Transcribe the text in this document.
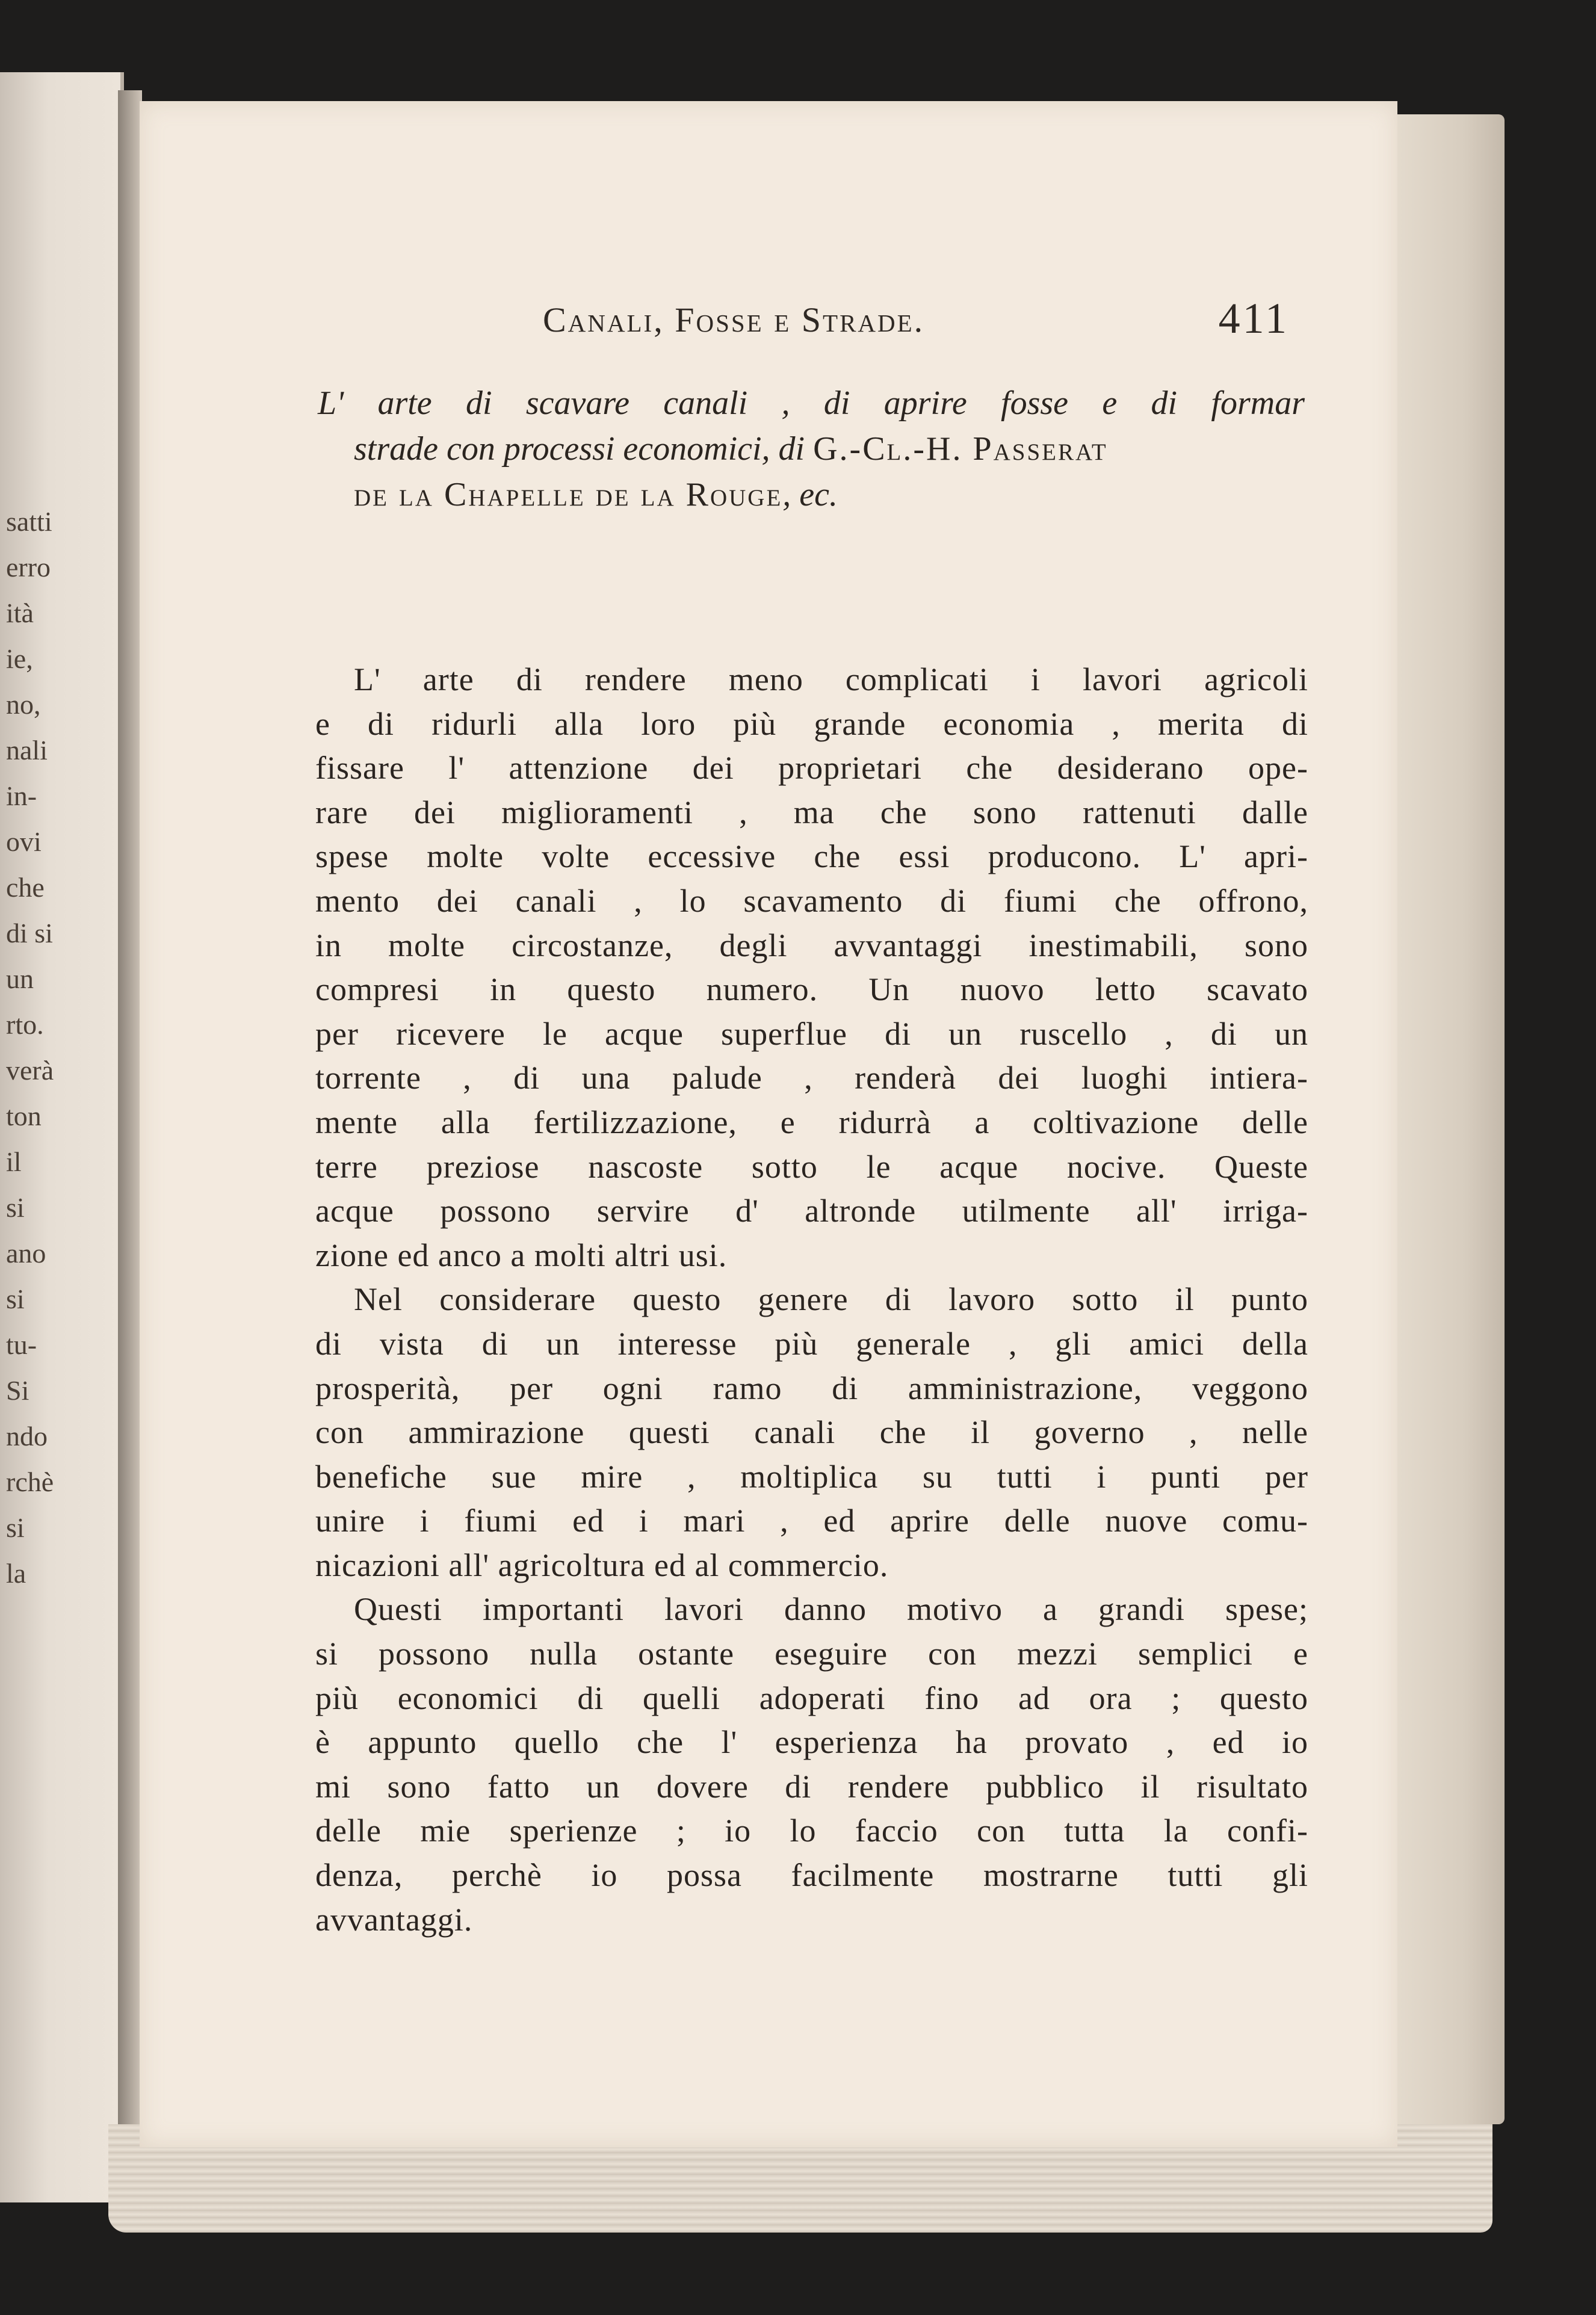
satti
erro
ità
ie,
no,
nali
in-
ovi
che
di si
un
rto.
verà
ton
il
si
ano
si
tu-
Si
ndo
rchè
si
la
Canali, Fosse e Strade.	411
L' arte di scavare canali , di aprire fosse e di formar
strade con processi economici, di G.-Cl.-H. Passerat
de la Chapelle de la Rouge, ec.
L' arte di rendere meno complicati i lavori agricoli
e di ridurli alla loro più grande economia , merita di
fissare l' attenzione dei proprietari che desiderano ope-
rare dei miglioramenti , ma che sono rattenuti dalle
spese molte volte eccessive che essi producono. L' apri-
mento dei canali , lo scavamento di fiumi che offrono,
in molte circostanze, degli avvantaggi inestimabili, sono
compresi in questo numero. Un nuovo letto scavato
per ricevere le acque superflue di un ruscello , di un
torrente , di una palude , renderà dei luoghi intiera-
mente alla fertilizzazione, e ridurrà a coltivazione delle
terre preziose nascoste sotto le acque nocive. Queste
acque possono servire d' altronde utilmente all' irriga-
zione ed anco a molti altri usi.
Nel considerare questo genere di lavoro sotto il punto
di vista di un interesse più generale , gli amici della
prosperità, per ogni ramo di amministrazione, veggono
con ammirazione questi canali che il governo , nelle
benefiche sue mire , moltiplica su tutti i punti per
unire i fiumi ed i mari , ed aprire delle nuove comu-
nicazioni all' agricoltura ed al commercio.
Questi importanti lavori danno motivo a grandi spese;
si possono nulla ostante eseguire con mezzi semplici e
più economici di quelli adoperati fino ad ora ; questo
è appunto quello che l' esperienza ha provato , ed io
mi sono fatto un dovere di rendere pubblico il risultato
delle mie sperienze ; io lo faccio con tutta la confi-
denza, perchè io possa facilmente mostrarne tutti gli
avvantaggi.
